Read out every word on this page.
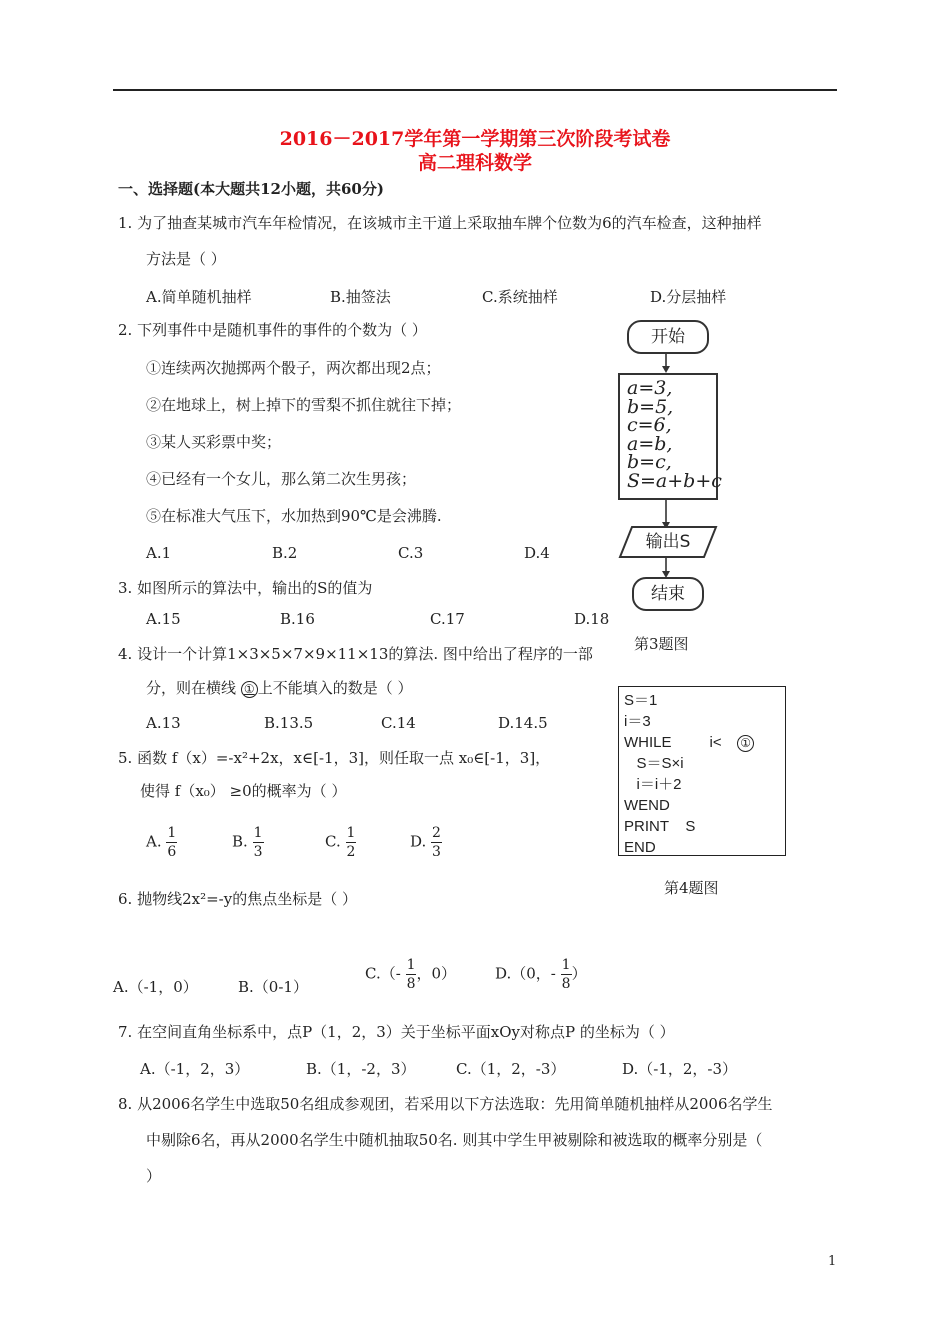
2016－2017学年第一学期第三次阶段考试卷
高二理科数学
一、选择题(本大题共12小题，共60分)
1. 为了抽查某城市汽车年检情况，在该城市主干道上采取抽车牌个位数为6的汽车检查，这种抽样
方法是（ ）
A.简单随机抽样	B.抽签法	C.系统抽样	D.分层抽样
2. 下列事件中是随机事件的事件的个数为（ ）
①连续两次抛掷两个骰子，两次都出现2点；
②在地球上，树上掉下的雪梨不抓住就往下掉；
③某人买彩票中奖；
④已经有一个女儿，那么第二次生男孩；
⑤在标准大气压下，水加热到90℃是会沸腾.
A.1	B.2	C.3	D.4
3. 如图所示的算法中，输出的S的值为
A.15	B.16	C.17	D.18
4. 设计一个计算1×3×5×7×9×11×13的算法. 图中给出了程序的一部
分，则在横线 ① 上不能填入的数是（ ）
A.13	B.13.5	C.14	D.14.5
5. 函数 f（x）=-x²+2x，x∈[-1，3]，则任取一点 x₀∈[-1，3]，
使得 f（x₀） ≥0的概率为（ ）
A. $\frac{1}{6}$	B. $\frac{1}{3}$	C. $\frac{1}{2}$	D. $\frac{2}{3}$
6. 抛物线2x²=-y的焦点坐标是（ ）
A.（-1，0）	B.（0-1）
$C.(- \frac{1}{8}$ ，0）	D.（0，- $\frac{1}{8}$ ）
7. 在空间直角坐标系中，点P（1，2，3）关于坐标平面xOy对称点P 的坐标为（ ）
A.（-1，2，3）	B.（1，-2，3）	C.（1，2，-3）	D.（-1，2，-3）
8. 从2006名学生中选取50名组成参观团，若采用以下方法选取：先用简单随机抽样从2006名学生
中剔除6名，再从2000名学生中随机抽取50名. 则其中学生甲被剔除和被选取的概率分别是（
）
开始
a=3,
b=5,
c=6,
a=b,
b=c,
S=a+b+c
输出S
结束
第3题图
S＝1
i＝3
WHILE	i< ①
S＝S×i
i＝i＋2
WEND
PRINT    S
END
第4题图
1
